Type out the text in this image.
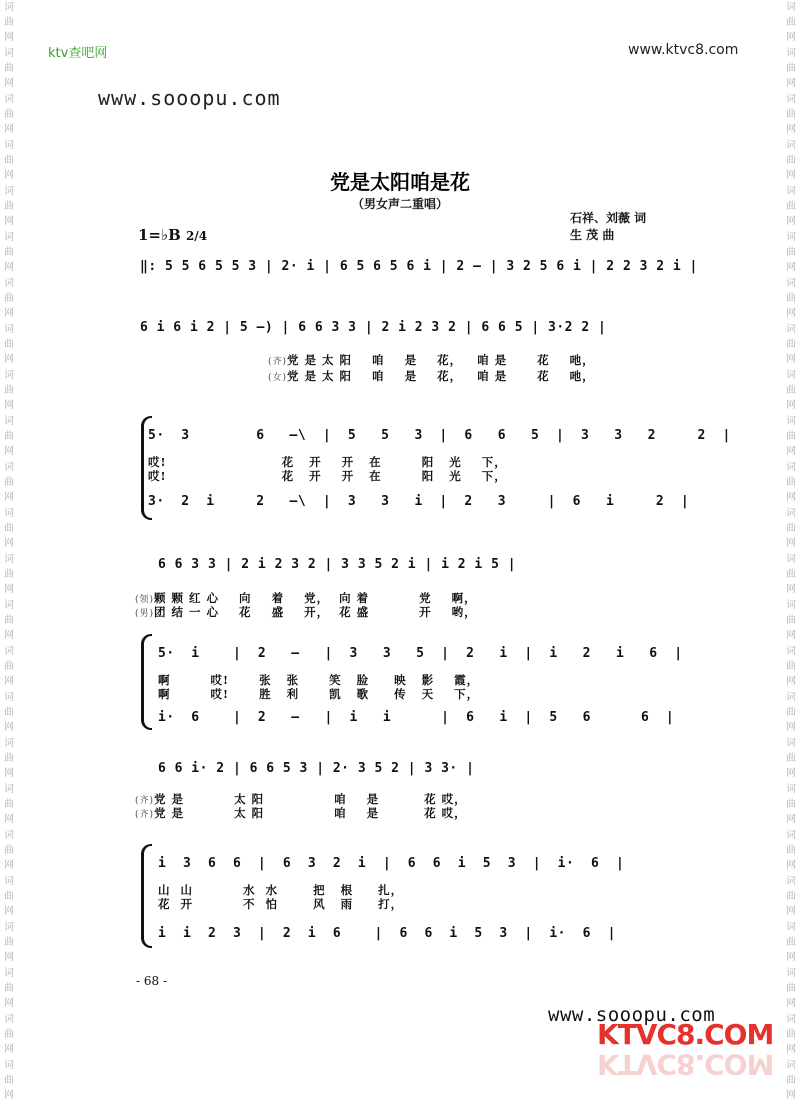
词
曲
网
词
曲
网
词
曲
网
词
曲
网
词
曲
网
词
曲
网
词
曲
网
词
曲
网
词
曲
网
词
曲
网
词
曲
网
词
曲
网
词
曲
网
词
曲
网
词
曲
网
词
曲
网
词
曲
网
词
曲
网
词
曲
网
词
曲
网
词
曲
网
词
曲
网
词
曲
网
词
曲
网
词
曲
网
词
曲
网
词
曲
网
词
曲
网
词
曲
网
词
曲
网
词
曲
网
词
曲
网
词
曲
网
词
曲
网
词
曲
网
词
曲
网
词
曲
网
词
曲
网
词
曲
网
词
曲
网
词
曲
网
词
曲
网
词
曲
网
词
曲
网
词
曲
网
词
曲
网
词
曲
网
词
曲
网
ktv查吧网	www.ktvc8.com
www.sooopu.com
党是太阳咱是花
（男女声二重唱）
石祥、刘薇 词
生 茂 曲
1=♭B 2/4
‖: 5 5 6 5 5 3 | 2· i | 6 5 6 5 6 i | 2 – | 3 2 5 6 i | 2 2 3 2 i |
6 i 6 i 2 | 5 –) | 6 6 3 3 | 2 i 2 3 2 | 6 6 5 | 3·2 2 |
(齐)党 是 太 阳    咱    是    花，   咱 是      花    吔，
(女)党 是 太 阳    咱    是    花，   咱 是      花    吔，
5·  3        6   –\  |  5   5   3  |  6   6   5  |  3   3   2     2  |
哎!                       花   开    开   在        阳   光    下，
哎!                       花   开    开   在        阳   光    下，
3·  2  i     2   –\  |  3   3   i  |  2   3     |  6   i     2  |
6 6 3 3 | 2 i 2 3 2 | 3 3 5 2 i | i 2 i 5 |
(领)颗 颗 红 心    向    着    党，  向 着          党    啊，
(男)团 结 一 心    花    盛    开，  花 盛          开    哟，
5·  i    |  2   –   |  3   3   5  |  2   i  |  i   2   i   6  |
啊        哎!      张   张      笑   脸     映   影    霞，
啊        哎!      胜   利      凯   歌     传   天    下，
i·  6    |  2   –   |  i   i      |  6   i  |  5   6      6  |
6 6 i· 2 | 6 6 5 3 | 2· 3 5 2 | 3 3· |
(齐)党 是          太 阳              咱    是         花 哎，
(齐)党 是          太 阳              咱    是         花 哎，
i  3  6  6  |  6  3  2  i  |  6  6  i  5  3  |  i·  6  |
山  山          水  水       把   根     扎，
花  开          不  怕       风   雨     打，
i  i  2  3  |  2  i  6    |  6  6  i  5  3  |  i·  6  |
- 68 -
www.sooopu.com
KTVC8.COM
KTVC8.COM
